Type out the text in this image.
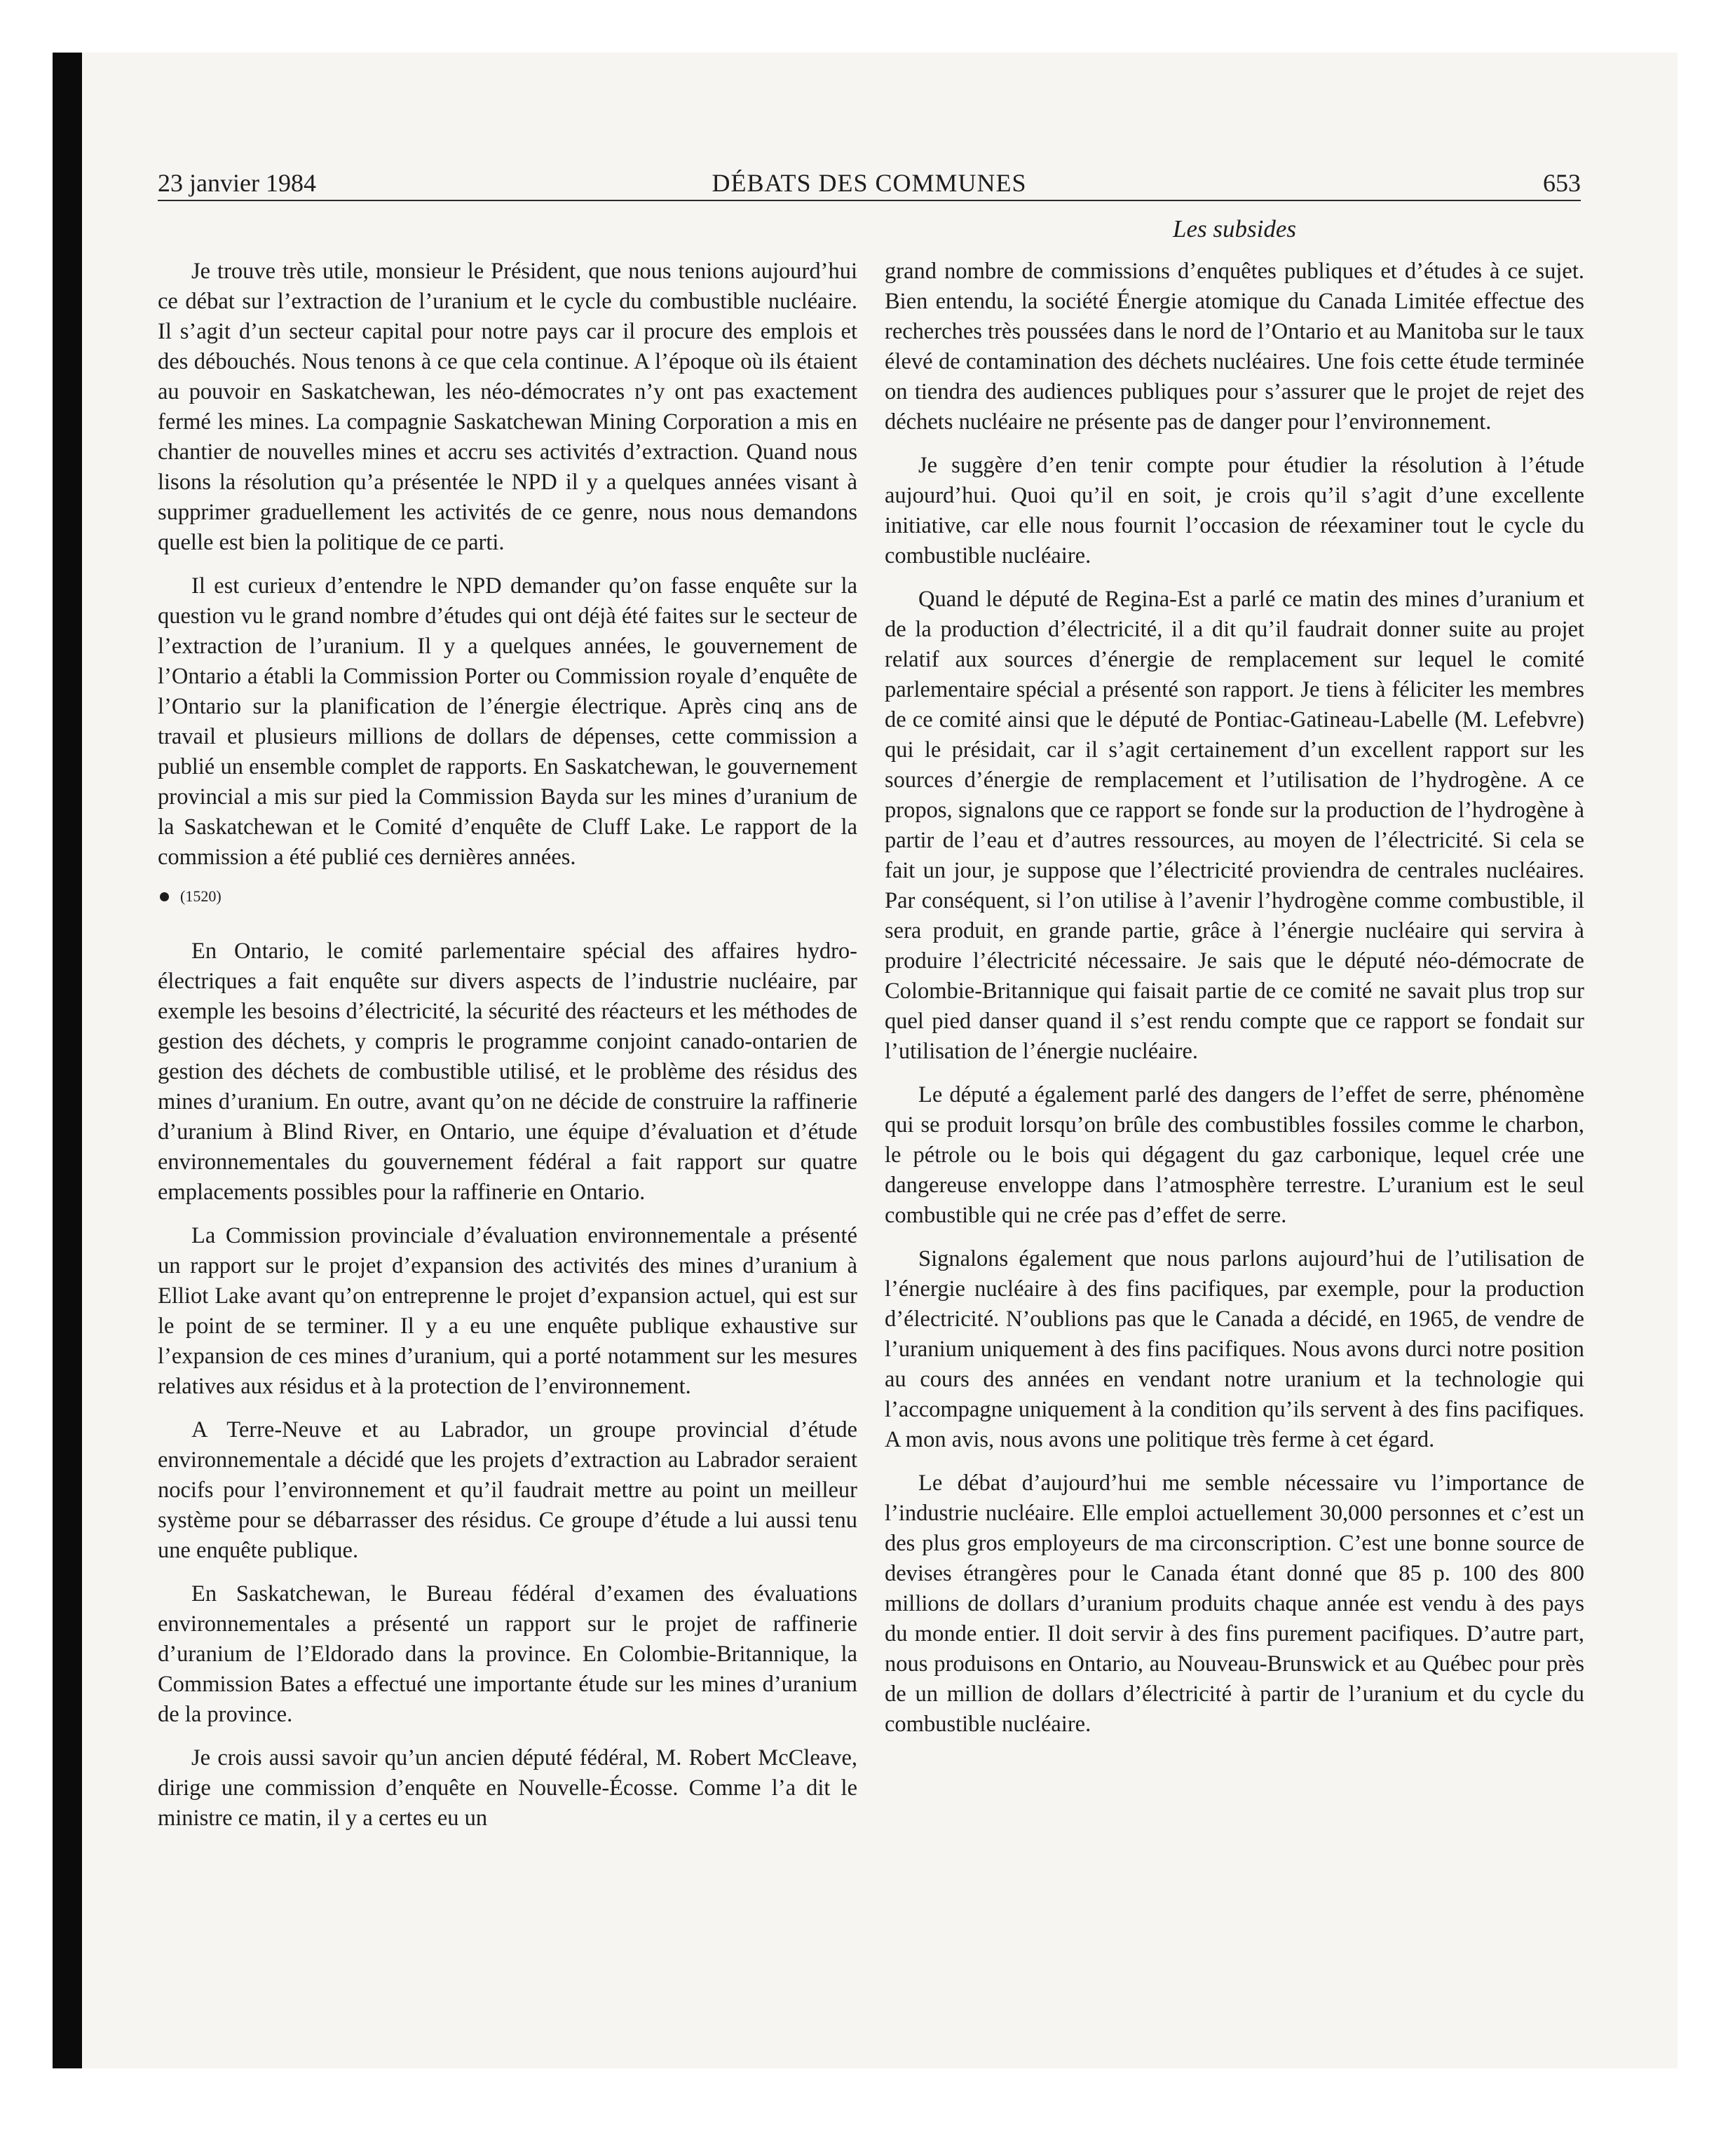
23 janvier 1984	DÉBATS DES COMMUNES	653
Les subsides

Je trouve très utile, monsieur le Président, que nous tenions aujourd’hui ce débat sur l’extraction de l’uranium et le cycle du combustible nucléaire. Il s’agit d’un secteur capital pour notre pays car il procure des emplois et des débouchés. Nous tenons à ce que cela continue. A l’époque où ils étaient au pouvoir en Saskatchewan, les néo-démocrates n’y ont pas exactement fermé les mines. La compagnie Saskatchewan Mining Corporation a mis en chantier de nouvelles mines et accru ses activités d’extraction. Quand nous lisons la résolution qu’a présentée le NPD il y a quelques années visant à supprimer graduellement les activités de ce genre, nous nous demandons quelle est bien la politique de ce parti.

Il est curieux d’entendre le NPD demander qu’on fasse enquête sur la question vu le grand nombre d’études qui ont déjà été faites sur le secteur de l’extraction de l’uranium. Il y a quelques années, le gouvernement de l’Ontario a établi la Commission Porter ou Commission royale d’enquête de l’Ontario sur la planification de l’énergie électrique. Après cinq ans de travail et plusieurs millions de dollars de dépenses, cette commission a publié un ensemble complet de rapports. En Saskatchewan, le gouvernement provincial a mis sur pied la Commission Bayda sur les mines d’uranium de la Saskatchewan et le Comité d’enquête de Cluff Lake. Le rapport de la commission a été publié ces dernières années.

(1520)

En Ontario, le comité parlementaire spécial des affaires hydro-électriques a fait enquête sur divers aspects de l’industrie nucléaire, par exemple les besoins d’électricité, la sécurité des réacteurs et les méthodes de gestion des déchets, y compris le programme conjoint canado-ontarien de gestion des déchets de combustible utilisé, et le problème des résidus des mines d’uranium. En outre, avant qu’on ne décide de construire la raffinerie d’uranium à Blind River, en Ontario, une équipe d’évaluation et d’étude environnementales du gouvernement fédéral a fait rapport sur quatre emplacements possibles pour la raffinerie en Ontario.

La Commission provinciale d’évaluation environnementale a présenté un rapport sur le projet d’expansion des activités des mines d’uranium à Elliot Lake avant qu’on entreprenne le projet d’expansion actuel, qui est sur le point de se terminer. Il y a eu une enquête publique exhaustive sur l’expansion de ces mines d’uranium, qui a porté notamment sur les mesures relatives aux résidus et à la protection de l’environnement.

A Terre-Neuve et au Labrador, un groupe provincial d’étude environnementale a décidé que les projets d’extraction au Labrador seraient nocifs pour l’environnement et qu’il faudrait mettre au point un meilleur système pour se débarrasser des résidus. Ce groupe d’étude a lui aussi tenu une enquête publique.

En Saskatchewan, le Bureau fédéral d’examen des évaluations environnementales a présenté un rapport sur le projet de raffinerie d’uranium de l’Eldorado dans la province. En Colombie-Britannique, la Commission Bates a effectué une importante étude sur les mines d’uranium de la province.

Je crois aussi savoir qu’un ancien député fédéral, M. Robert McCleave, dirige une commission d’enquête en Nouvelle-Écosse. Comme l’a dit le ministre ce matin, il y a certes eu un

grand nombre de commissions d’enquêtes publiques et d’études à ce sujet. Bien entendu, la société Énergie atomique du Canada Limitée effectue des recherches très poussées dans le nord de l’Ontario et au Manitoba sur le taux élevé de contamination des déchets nucléaires. Une fois cette étude terminée on tiendra des audiences publiques pour s’assurer que le projet de rejet des déchets nucléaire ne présente pas de danger pour l’environnement.

Je suggère d’en tenir compte pour étudier la résolution à l’étude aujourd’hui. Quoi qu’il en soit, je crois qu’il s’agit d’une excellente initiative, car elle nous fournit l’occasion de réexaminer tout le cycle du combustible nucléaire.

Quand le député de Regina-Est a parlé ce matin des mines d’uranium et de la production d’électricité, il a dit qu’il faudrait donner suite au projet relatif aux sources d’énergie de remplacement sur lequel le comité parlementaire spécial a présenté son rapport. Je tiens à féliciter les membres de ce comité ainsi que le député de Pontiac-Gatineau-Labelle (M. Lefebvre) qui le présidait, car il s’agit certainement d’un excellent rapport sur les sources d’énergie de remplacement et l’utilisation de l’hydrogène. A ce propos, signalons que ce rapport se fonde sur la production de l’hydrogène à partir de l’eau et d’autres ressources, au moyen de l’électricité. Si cela se fait un jour, je suppose que l’électricité proviendra de centrales nucléaires. Par conséquent, si l’on utilise à l’avenir l’hydrogène comme combustible, il sera produit, en grande partie, grâce à l’énergie nucléaire qui servira à produire l’électricité nécessaire. Je sais que le député néo-démocrate de Colombie-Britannique qui faisait partie de ce comité ne savait plus trop sur quel pied danser quand il s’est rendu compte que ce rapport se fondait sur l’utilisation de l’énergie nucléaire.

Le député a également parlé des dangers de l’effet de serre, phénomène qui se produit lorsqu’on brûle des combustibles fossiles comme le charbon, le pétrole ou le bois qui dégagent du gaz carbonique, lequel crée une dangereuse enveloppe dans l’atmosphère terrestre. L’uranium est le seul combustible qui ne crée pas d’effet de serre.

Signalons également que nous parlons aujourd’hui de l’utilisation de l’énergie nucléaire à des fins pacifiques, par exemple, pour la production d’électricité. N’oublions pas que le Canada a décidé, en 1965, de vendre de l’uranium uniquement à des fins pacifiques. Nous avons durci notre position au cours des années en vendant notre uranium et la technologie qui l’accompagne uniquement à la condition qu’ils servent à des fins pacifiques. A mon avis, nous avons une politique très ferme à cet égard.

Le débat d’aujourd’hui me semble nécessaire vu l’importance de l’industrie nucléaire. Elle emploi actuellement 30,000 personnes et c’est un des plus gros employeurs de ma circonscription. C’est une bonne source de devises étrangères pour le Canada étant donné que 85 p. 100 des 800 millions de dollars d’uranium produits chaque année est vendu à des pays du monde entier. Il doit servir à des fins purement pacifiques. D’autre part, nous produisons en Ontario, au Nouveau-Brunswick et au Québec pour près de un million de dollars d’électricité à partir de l’uranium et du cycle du combustible nucléaire.
